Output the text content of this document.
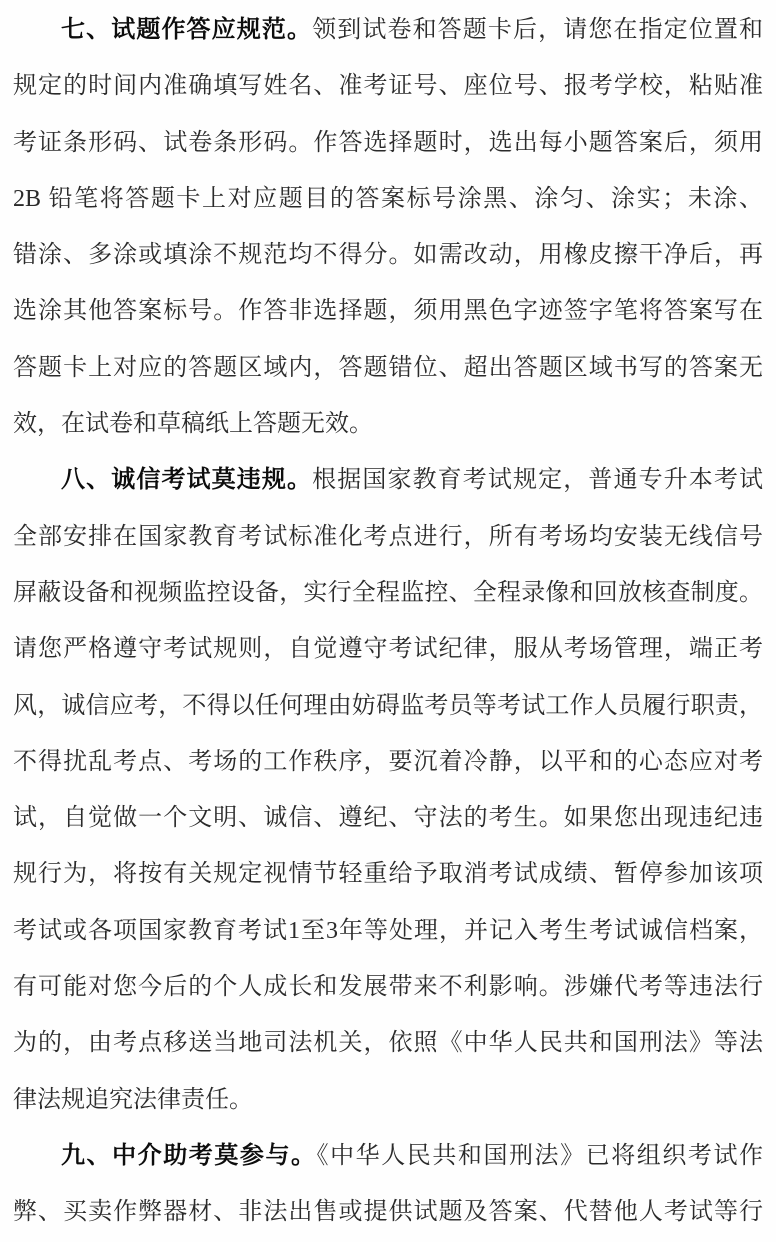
七、试题作答应规范。领到试卷和答题卡后，请您在指定位置和
规定的时间内准确填写姓名、准考证号、座位号、报考学校，粘贴准
考证条形码、试卷条形码。作答选择题时，选出每小题答案后，须用
2B 铅笔将答题卡上对应题目的答案标号涂黑、涂匀、涂实；未涂、
错涂、多涂或填涂不规范均不得分。如需改动，用橡皮擦干净后，再
选涂其他答案标号。作答非选择题，须用黑色字迹签字笔将答案写在
答题卡上对应的答题区域内，答题错位、超出答题区域书写的答案无
效，在试卷和草稿纸上答题无效。
八、诚信考试莫违规。根据国家教育考试规定，普通专升本考试
全部安排在国家教育考试标准化考点进行，所有考场均安装无线信号
屏蔽设备和视频监控设备，实行全程监控、全程录像和回放核查制度。
请您严格遵守考试规则，自觉遵守考试纪律，服从考场管理，端正考
风，诚信应考，不得以任何理由妨碍监考员等考试工作人员履行职责，
不得扰乱考点、考场的工作秩序，要沉着冷静，以平和的心态应对考
试，自觉做一个文明、诚信、遵纪、守法的考生。如果您出现违纪违
规行为，将按有关规定视情节轻重给予取消考试成绩、暂停参加该项
考试或各项国家教育考试1至3年等处理，并记入考生考试诚信档案，
有可能对您今后的个人成长和发展带来不利影响。涉嫌代考等违法行
为的，由考点移送当地司法机关，依照《中华人民共和国刑法》等法
律法规追究法律责任。
九、中介助考莫参与。《中华人民共和国刑法》已将组织考试作
弊、买卖作弊器材、非法出售或提供试题及答案、代替他人考试等行
